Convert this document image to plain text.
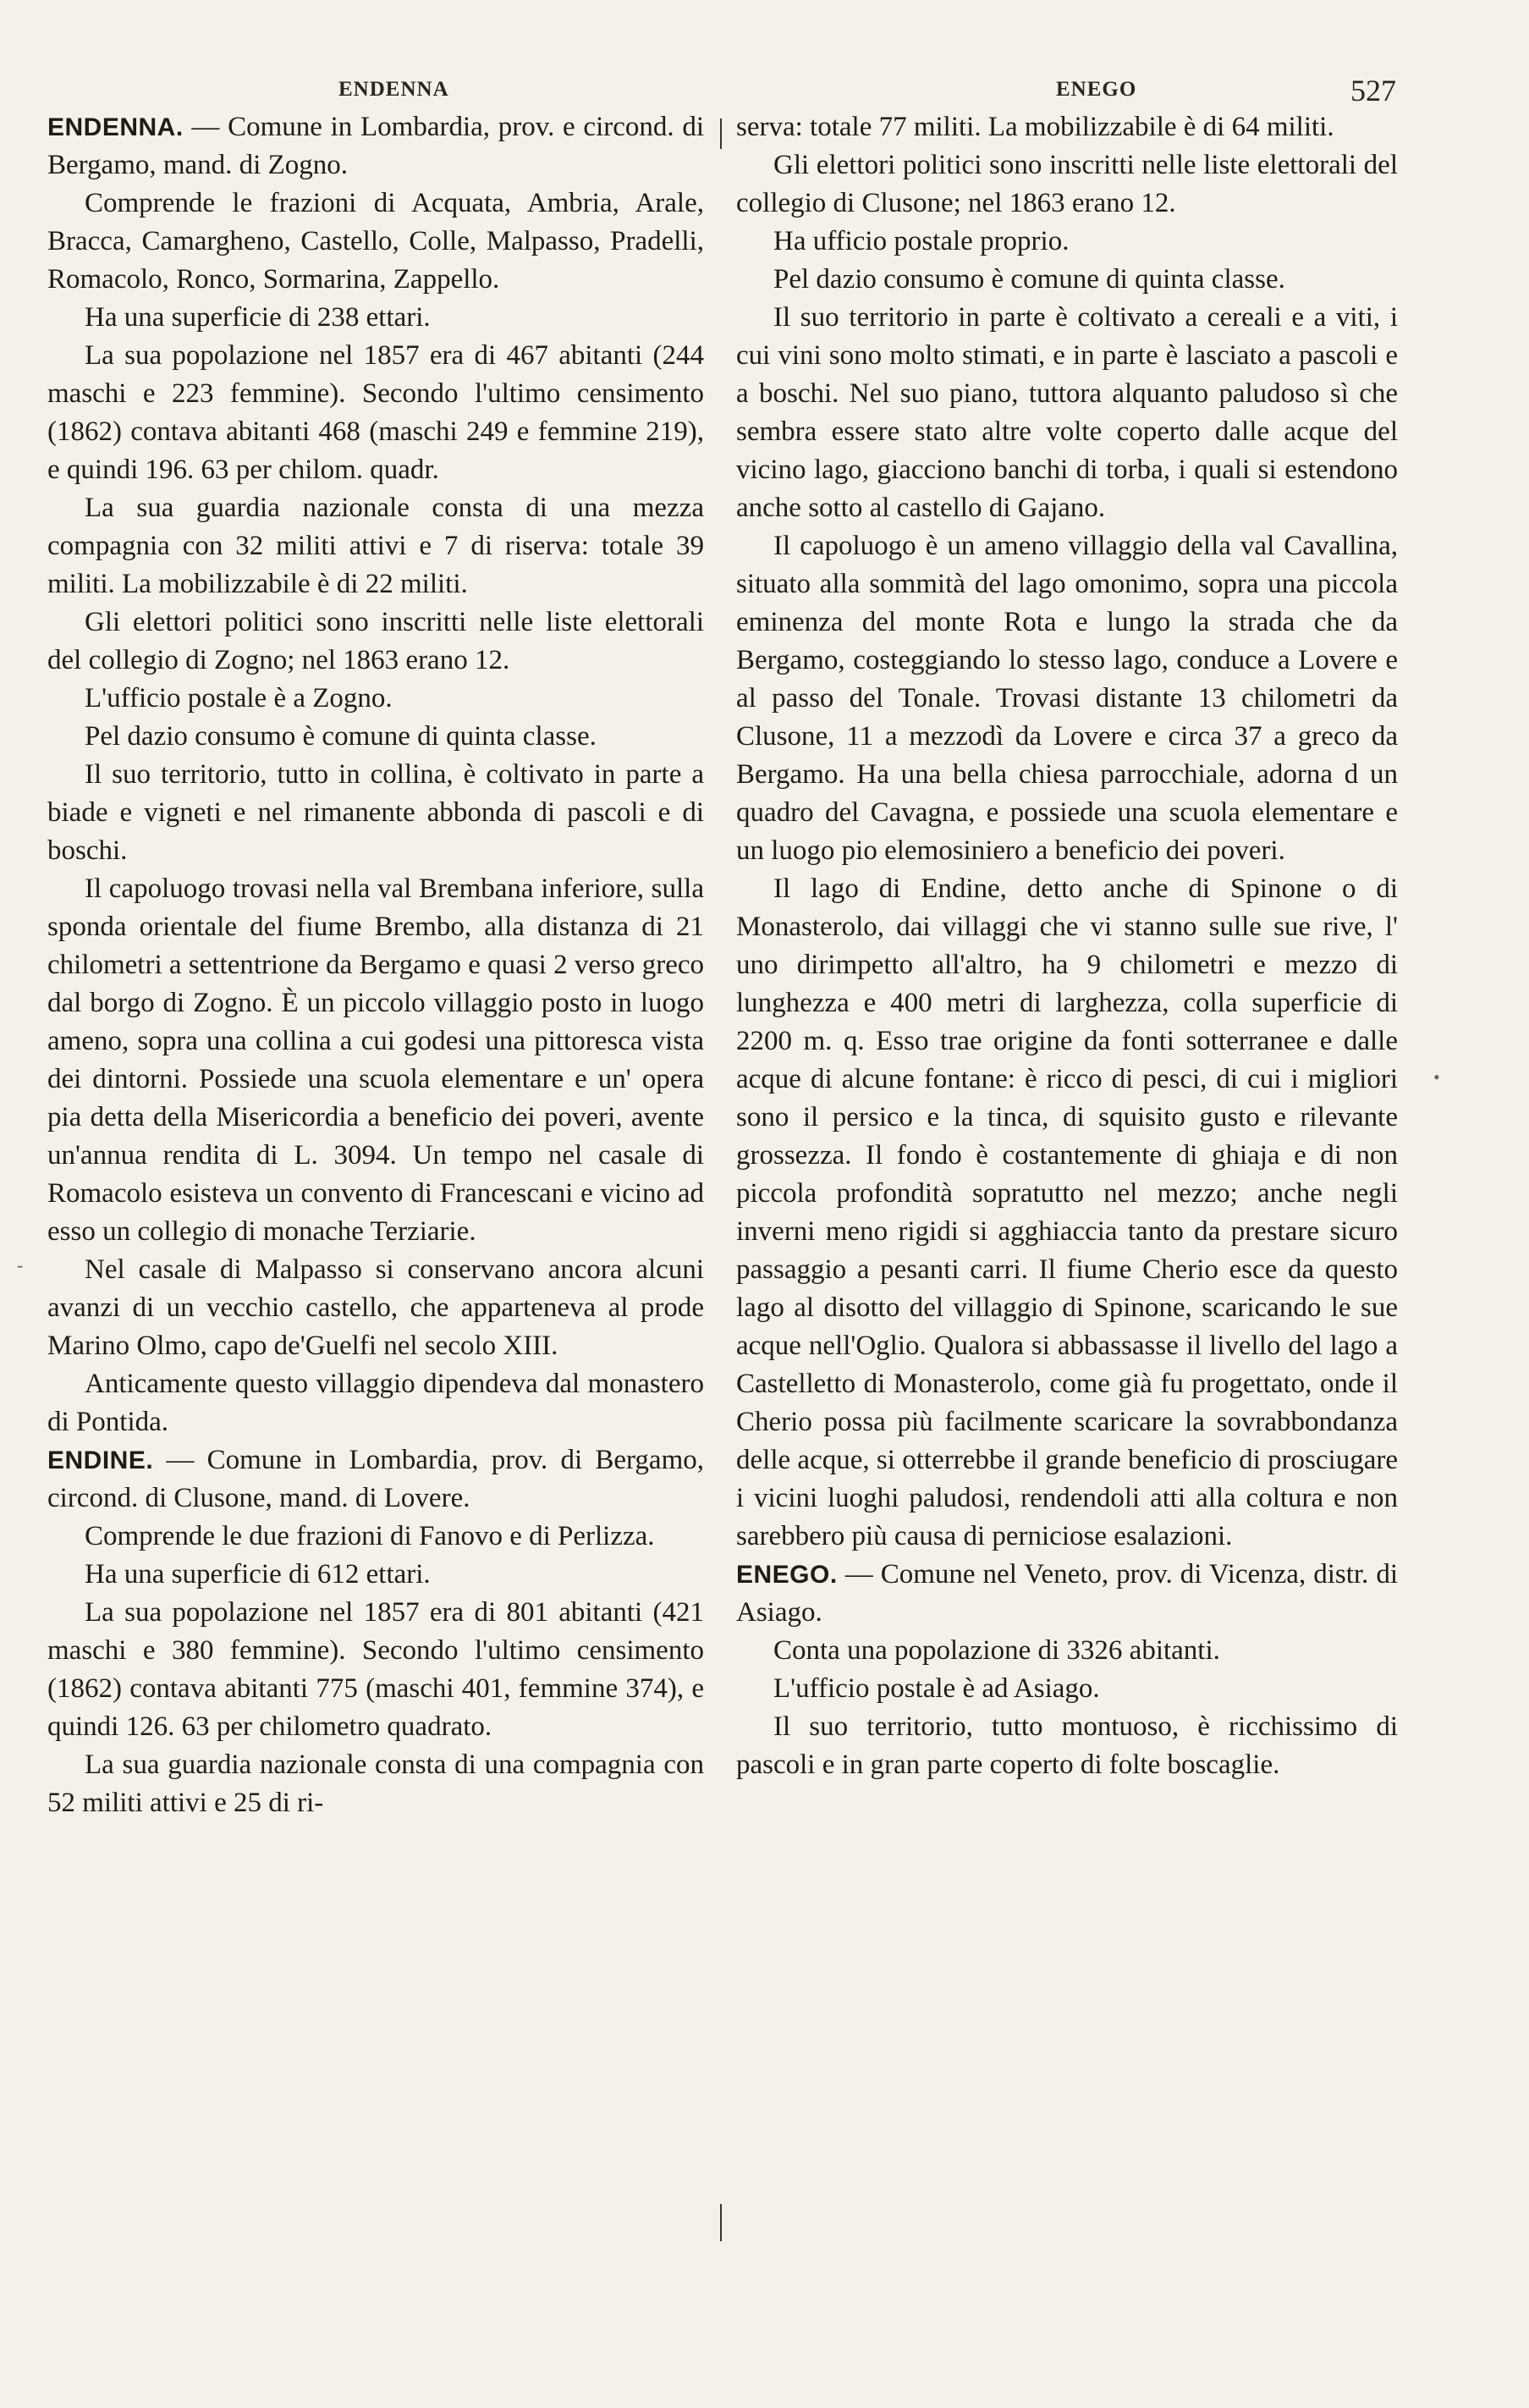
ENDENNA	ENEGO	527
•
-

ENDENNA. — Comune in Lombardia, prov. e circond. di Bergamo, mand. di Zogno.

Comprende le frazioni di Acquata, Ambria, Arale, Bracca, Camargheno, Castello, Colle, Malpasso, Pradelli, Romacolo, Ronco, Sormarina, Zappello.

Ha una superficie di 238 ettari.

La sua popolazione nel 1857 era di 467 abitanti (244 maschi e 223 femmine). Secondo l'ultimo censimento (1862) contava abitanti 468 (maschi 249 e femmine 219), e quindi 196. 63 per chilom. quadr.

La sua guardia nazionale consta di una mezza compagnia con 32 militi attivi e 7 di riserva: totale 39 militi. La mobilizzabile è di 22 militi.

Gli elettori politici sono inscritti nelle liste elettorali del collegio di Zogno; nel 1863 erano 12.

L'ufficio postale è a Zogno.

Pel dazio consumo è comune di quinta classe.

Il suo territorio, tutto in collina, è coltivato in parte a biade e vigneti e nel rimanente abbonda di pascoli e di boschi.

Il capoluogo trovasi nella val Brembana inferiore, sulla sponda orientale del fiume Brembo, alla distanza di 21 chilometri a settentrione da Bergamo e quasi 2 verso greco dal borgo di Zogno. È un piccolo villaggio posto in luogo ameno, sopra una collina a cui godesi una pittoresca vista dei dintorni. Possiede una scuola elementare e un' opera pia detta della Misericordia a beneficio dei poveri, avente un'annua rendita di L. 3094. Un tempo nel casale di Romacolo esisteva un convento di Francescani e vicino ad esso un collegio di monache Terziarie.

Nel casale di Malpasso si conservano ancora alcuni avanzi di un vecchio castello, che apparteneva al prode Marino Olmo, capo de'Guelfi nel secolo XIII.

Anticamente questo villaggio dipendeva dal monastero di Pontida.

ENDINE. — Comune in Lombardia, prov. di Bergamo, circond. di Clusone, mand. di Lovere.

Comprende le due frazioni di Fanovo e di Perlizza.

Ha una superficie di 612 ettari.

La sua popolazione nel 1857 era di 801 abitanti (421 maschi e 380 femmine). Secondo l'ultimo censimento (1862) contava abitanti 775 (maschi 401, femmine 374), e quindi 126. 63 per chilometro quadrato.

La sua guardia nazionale consta di una compagnia con 52 militi attivi e 25 di ri-

serva: totale 77 militi. La mobilizzabile è di 64 militi.

Gli elettori politici sono inscritti nelle liste elettorali del collegio di Clusone; nel 1863 erano 12.

Ha ufficio postale proprio.

Pel dazio consumo è comune di quinta classe.

Il suo territorio in parte è coltivato a cereali e a viti, i cui vini sono molto stimati, e in parte è lasciato a pascoli e a boschi. Nel suo piano, tuttora alquanto paludoso sì che sembra essere stato altre volte coperto dalle acque del vicino lago, giacciono banchi di torba, i quali si estendono anche sotto al castello di Gajano.

Il capoluogo è un ameno villaggio della val Cavallina, situato alla sommità del lago omonimo, sopra una piccola eminenza del monte Rota e lungo la strada che da Bergamo, costeggiando lo stesso lago, conduce a Lovere e al passo del Tonale. Trovasi distante 13 chilometri da Clusone, 11 a mezzodì da Lovere e circa 37 a greco da Bergamo. Ha una bella chiesa parrocchiale, adorna d un quadro del Cavagna, e possiede una scuola elementare e un luogo pio elemosiniero a beneficio dei poveri.

Il lago di Endine, detto anche di Spinone o di Monasterolo, dai villaggi che vi stanno sulle sue rive, l' uno dirimpetto all'altro, ha 9 chilometri e mezzo di lunghezza e 400 metri di larghezza, colla superficie di 2200 m. q. Esso trae origine da fonti sotterranee e dalle acque di alcune fontane: è ricco di pesci, di cui i migliori sono il persico e la tinca, di squisito gusto e rilevante grossezza. Il fondo è costantemente di ghiaja e di non piccola profondità sopratutto nel mezzo; anche negli inverni meno rigidi si agghiaccia tanto da prestare sicuro passaggio a pesanti carri. Il fiume Cherio esce da questo lago al disotto del villaggio di Spinone, scaricando le sue acque nell'Oglio. Qualora si abbassasse il livello del lago a Castelletto di Monasterolo, come già fu progettato, onde il Cherio possa più facilmente scaricare la sovrabbondanza delle acque, si otterrebbe il grande beneficio di prosciugare i vicini luoghi paludosi, rendendoli atti alla coltura e non sarebbero più causa di perniciose esalazioni.

ENEGO. — Comune nel Veneto, prov. di Vicenza, distr. di Asiago.

Conta una popolazione di 3326 abitanti.

L'ufficio postale è ad Asiago.

Il suo territorio, tutto montuoso, è ricchissimo di pascoli e in gran parte coperto di folte boscaglie.
